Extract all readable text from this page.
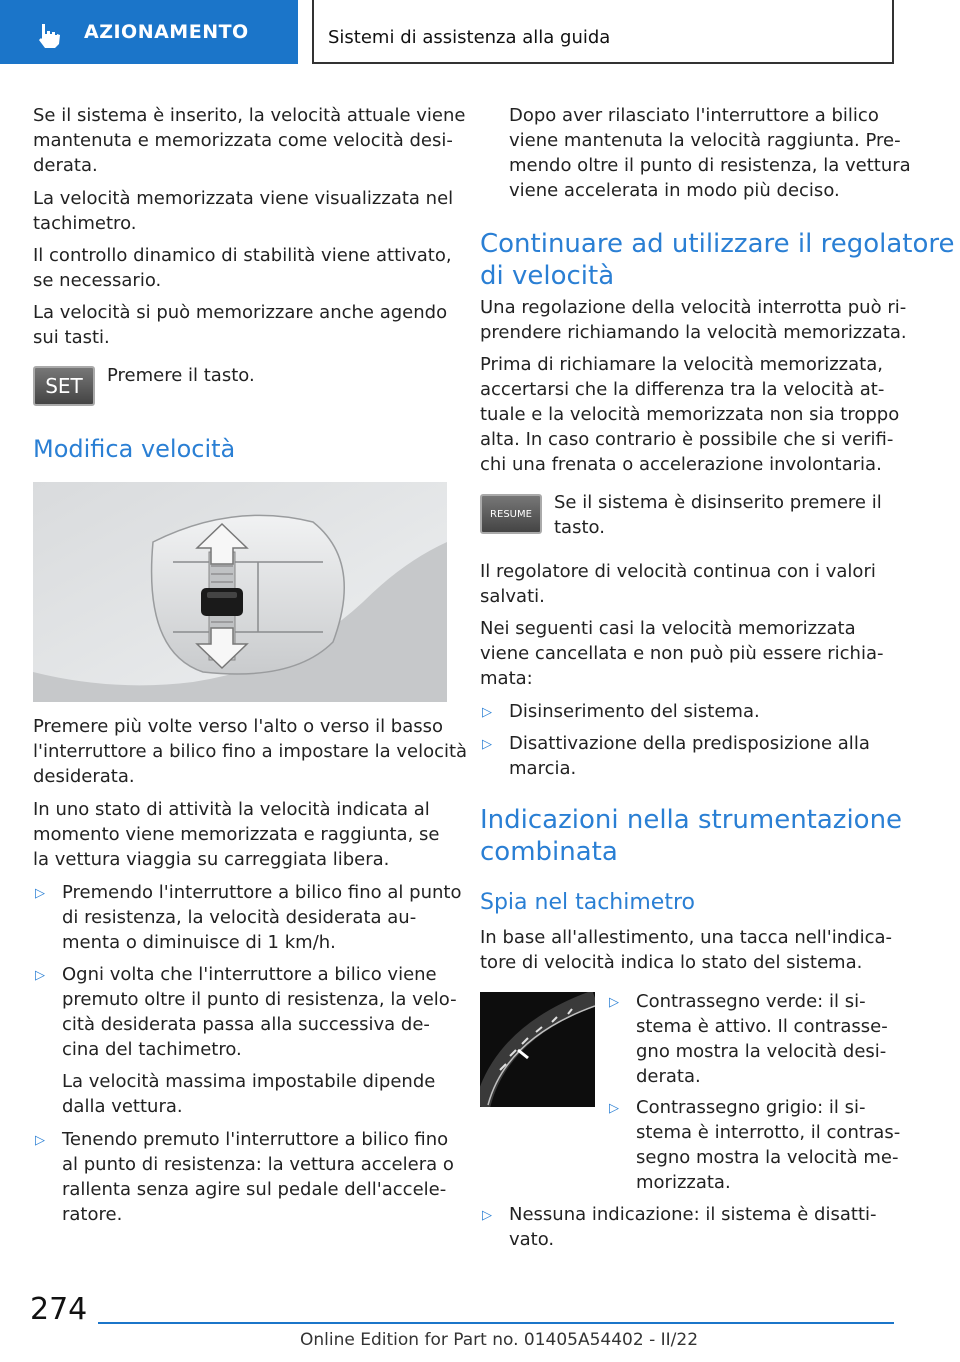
AZIONAMENTO	Sistemi di assistenza alla guida

Se il sistema è inserito, la velocità attuale viene
mantenuta e memorizzata come velocità desi-
derata.

La velocità memorizzata viene visualizzata nel
tachimetro.

Il controllo dinamico di stabilità viene attivato,
se necessario.

La velocità si può memorizzare anche agendo
sui tasti.

SET Premere il tasto.

Modifica velocità

Premere più volte verso l'alto o verso il basso
l'interruttore a bilico fino a impostare la velocità
desiderata.

In uno stato di attività la velocità indicata al
momento viene memorizzata e raggiunta, se
la vettura viaggia su carreggiata libera.

▷ Premendo l'interruttore a bilico fino al punto
di resistenza, la velocità desiderata au-
menta o diminuisce di 1 km/h.

▷ Ogni volta che l'interruttore a bilico viene
premuto oltre il punto di resistenza, la velo-
cità desiderata passa alla successiva de-
cina del tachimetro.

La velocità massima impostabile dipende
dalla vettura.

▷ Tenendo premuto l'interruttore a bilico fino
al punto di resistenza: la vettura accelera o
rallenta senza agire sul pedale dell'accele-
ratore.

Dopo aver rilasciato l'interruttore a bilico
viene mantenuta la velocità raggiunta. Pre-
mendo oltre il punto di resistenza, la vettura
viene accelerata in modo più deciso.

Continuare ad utilizzare il regolatore
di velocità

Una regolazione della velocità interrotta può ri-
prendere richiamando la velocità memorizzata.

Prima di richiamare la velocità memorizzata,
accertarsi che la differenza tra la velocità at-
tuale e la velocità memorizzata non sia troppo
alta. In caso contrario è possibile che si verifi-
chi una frenata o accelerazione involontaria.

RESUME

Se il sistema è disinserito premere il
tasto.

Il regolatore di velocità continua con i valori
salvati.

Nei seguenti casi la velocità memorizzata
viene cancellata e non può più essere richia-
mata:

▷ Disinserimento del sistema.

▷ Disattivazione della predisposizione alla
marcia.

Indicazioni nella strumentazione
combinata
Spia nel tachimetro

In base all'allestimento, una tacca nell'indica-
tore di velocità indica lo stato del sistema.

▷ Contrassegno verde: il si-
stema è attivo. Il contrasse-
gno mostra la velocità desi-
derata.

▷ Contrassegno grigio: il si-
stema è interrotto, il contras-
segno mostra la velocità me-
morizzata.

▷ Nessuna indicazione: il sistema è disatti-
vato.

274
Online Edition for Part no. 01405A54402 - II/22
